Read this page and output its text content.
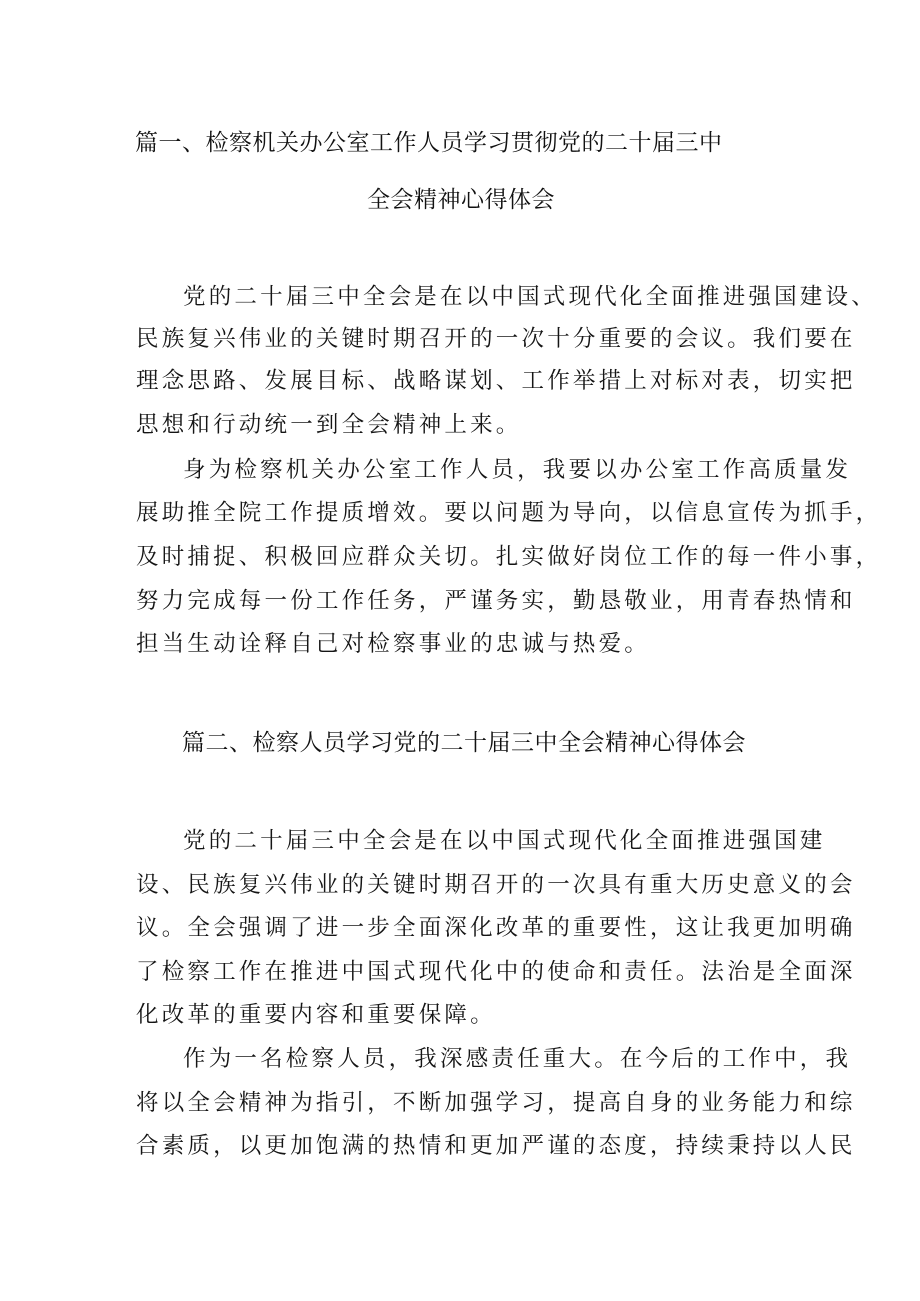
篇一、检察机关办公室工作人员学习贯彻党的二十届三中
全会精神心得体会
党的二十届三中全会是在以中国式现代化全面推进强国建设、
民族复兴伟业的关键时期召开的一次十分重要的会议。我们要在
理念思路、发展目标、战略谋划、工作举措上对标对表，切实把
思想和行动统一到全会精神上来。
身为检察机关办公室工作人员，我要以办公室工作高质量发
展助推全院工作提质增效。要以问题为导向，以信息宣传为抓手，
及时捕捉、积极回应群众关切。扎实做好岗位工作的每一件小事，
努力完成每一份工作任务，严谨务实，勤恳敬业，用青春热情和
担当生动诠释自己对检察事业的忠诚与热爱。
篇二、检察人员学习党的二十届三中全会精神心得体会
党的二十届三中全会是在以中国式现代化全面推进强国建
设、民族复兴伟业的关键时期召开的一次具有重大历史意义的会
议。全会强调了进一步全面深化改革的重要性，这让我更加明确
了检察工作在推进中国式现代化中的使命和责任。法治是全面深
化改革的重要内容和重要保障。
作为一名检察人员，我深感责任重大。在今后的工作中，我
将以全会精神为指引，不断加强学习，提高自身的业务能力和综
合素质，以更加饱满的热情和更加严谨的态度，持续秉持以人民
